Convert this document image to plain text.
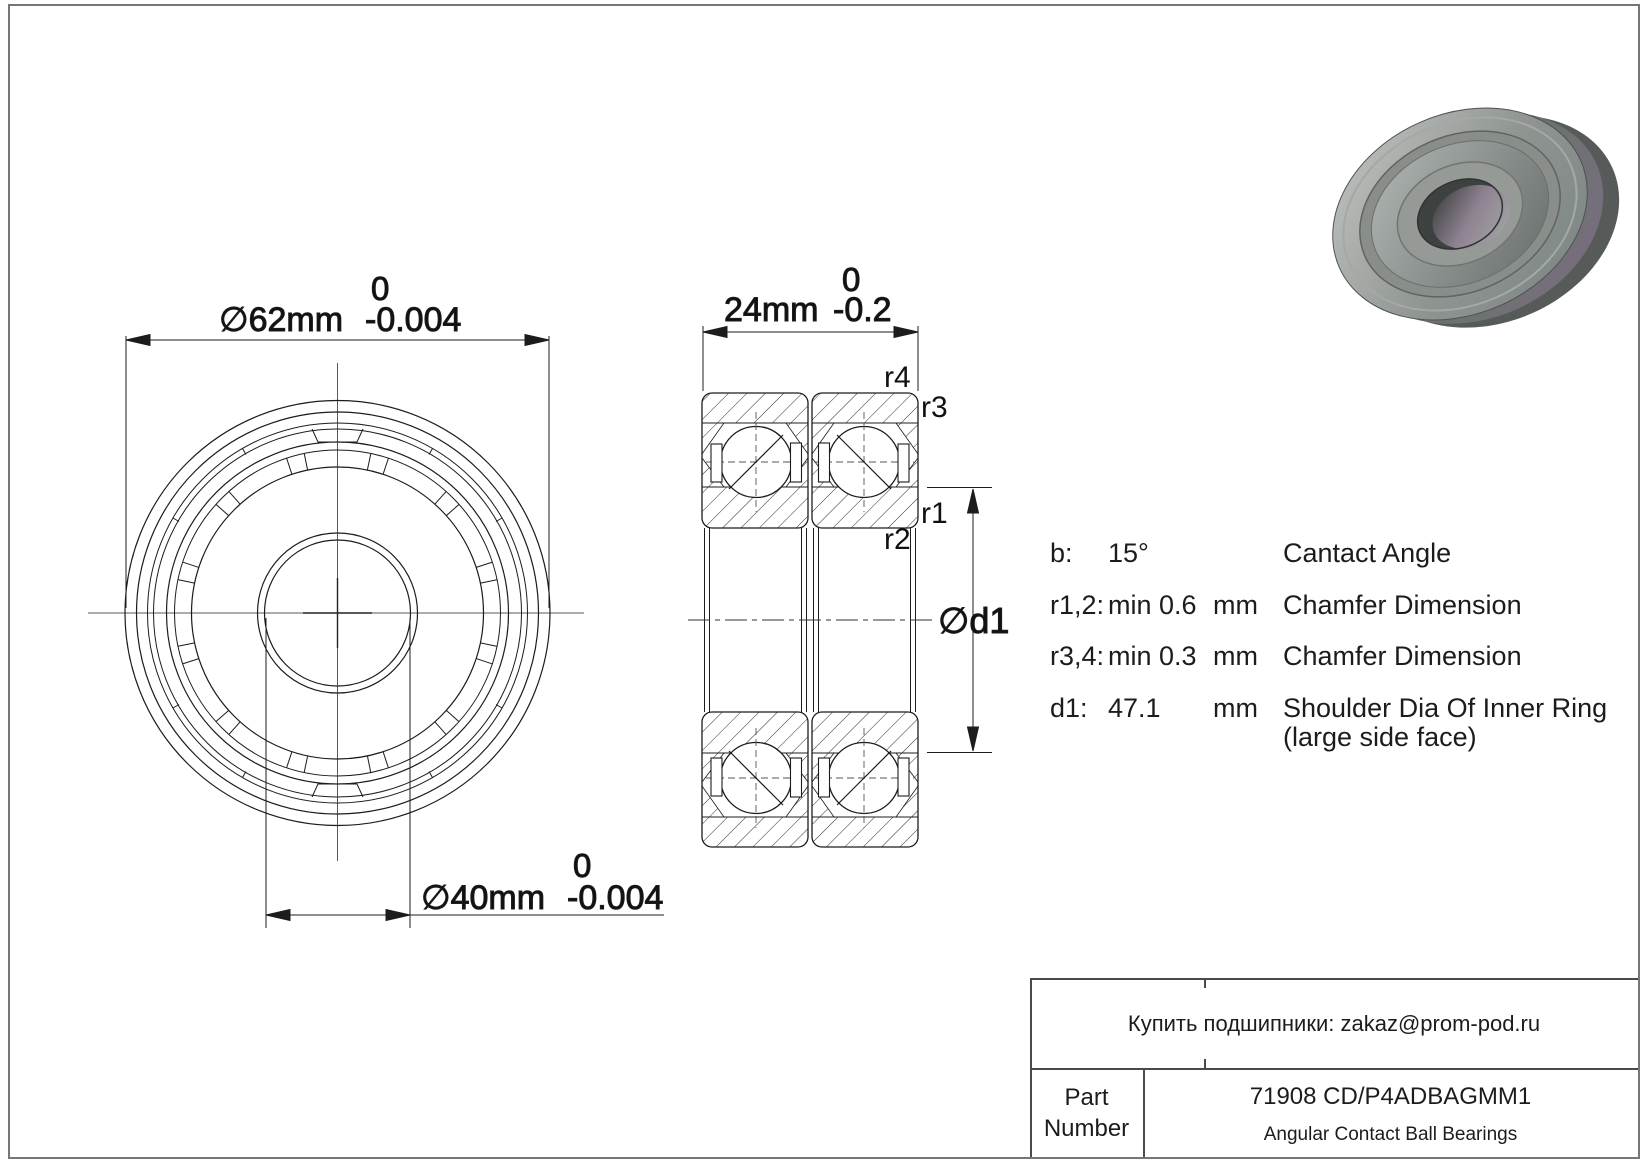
∅62mm -0.004
0
∅40mm -0.004
0
24mm -0.2
0
∅d1
r4
r3
r1
r2	b: 15°	Cantact Angle
r1,2: min 0.6 mm Chamfer Dimension
r3,4: min 0.3 mm Chamfer Dimension
d1: 47.1 mm Shoulder Dia Of Inner Ring
(large side face)
Купить подшипники: zakaz@prom-pod.ru
Part
Number
71908 CD/P4ADBAGMM1
Angular Contact Ball Bearings
